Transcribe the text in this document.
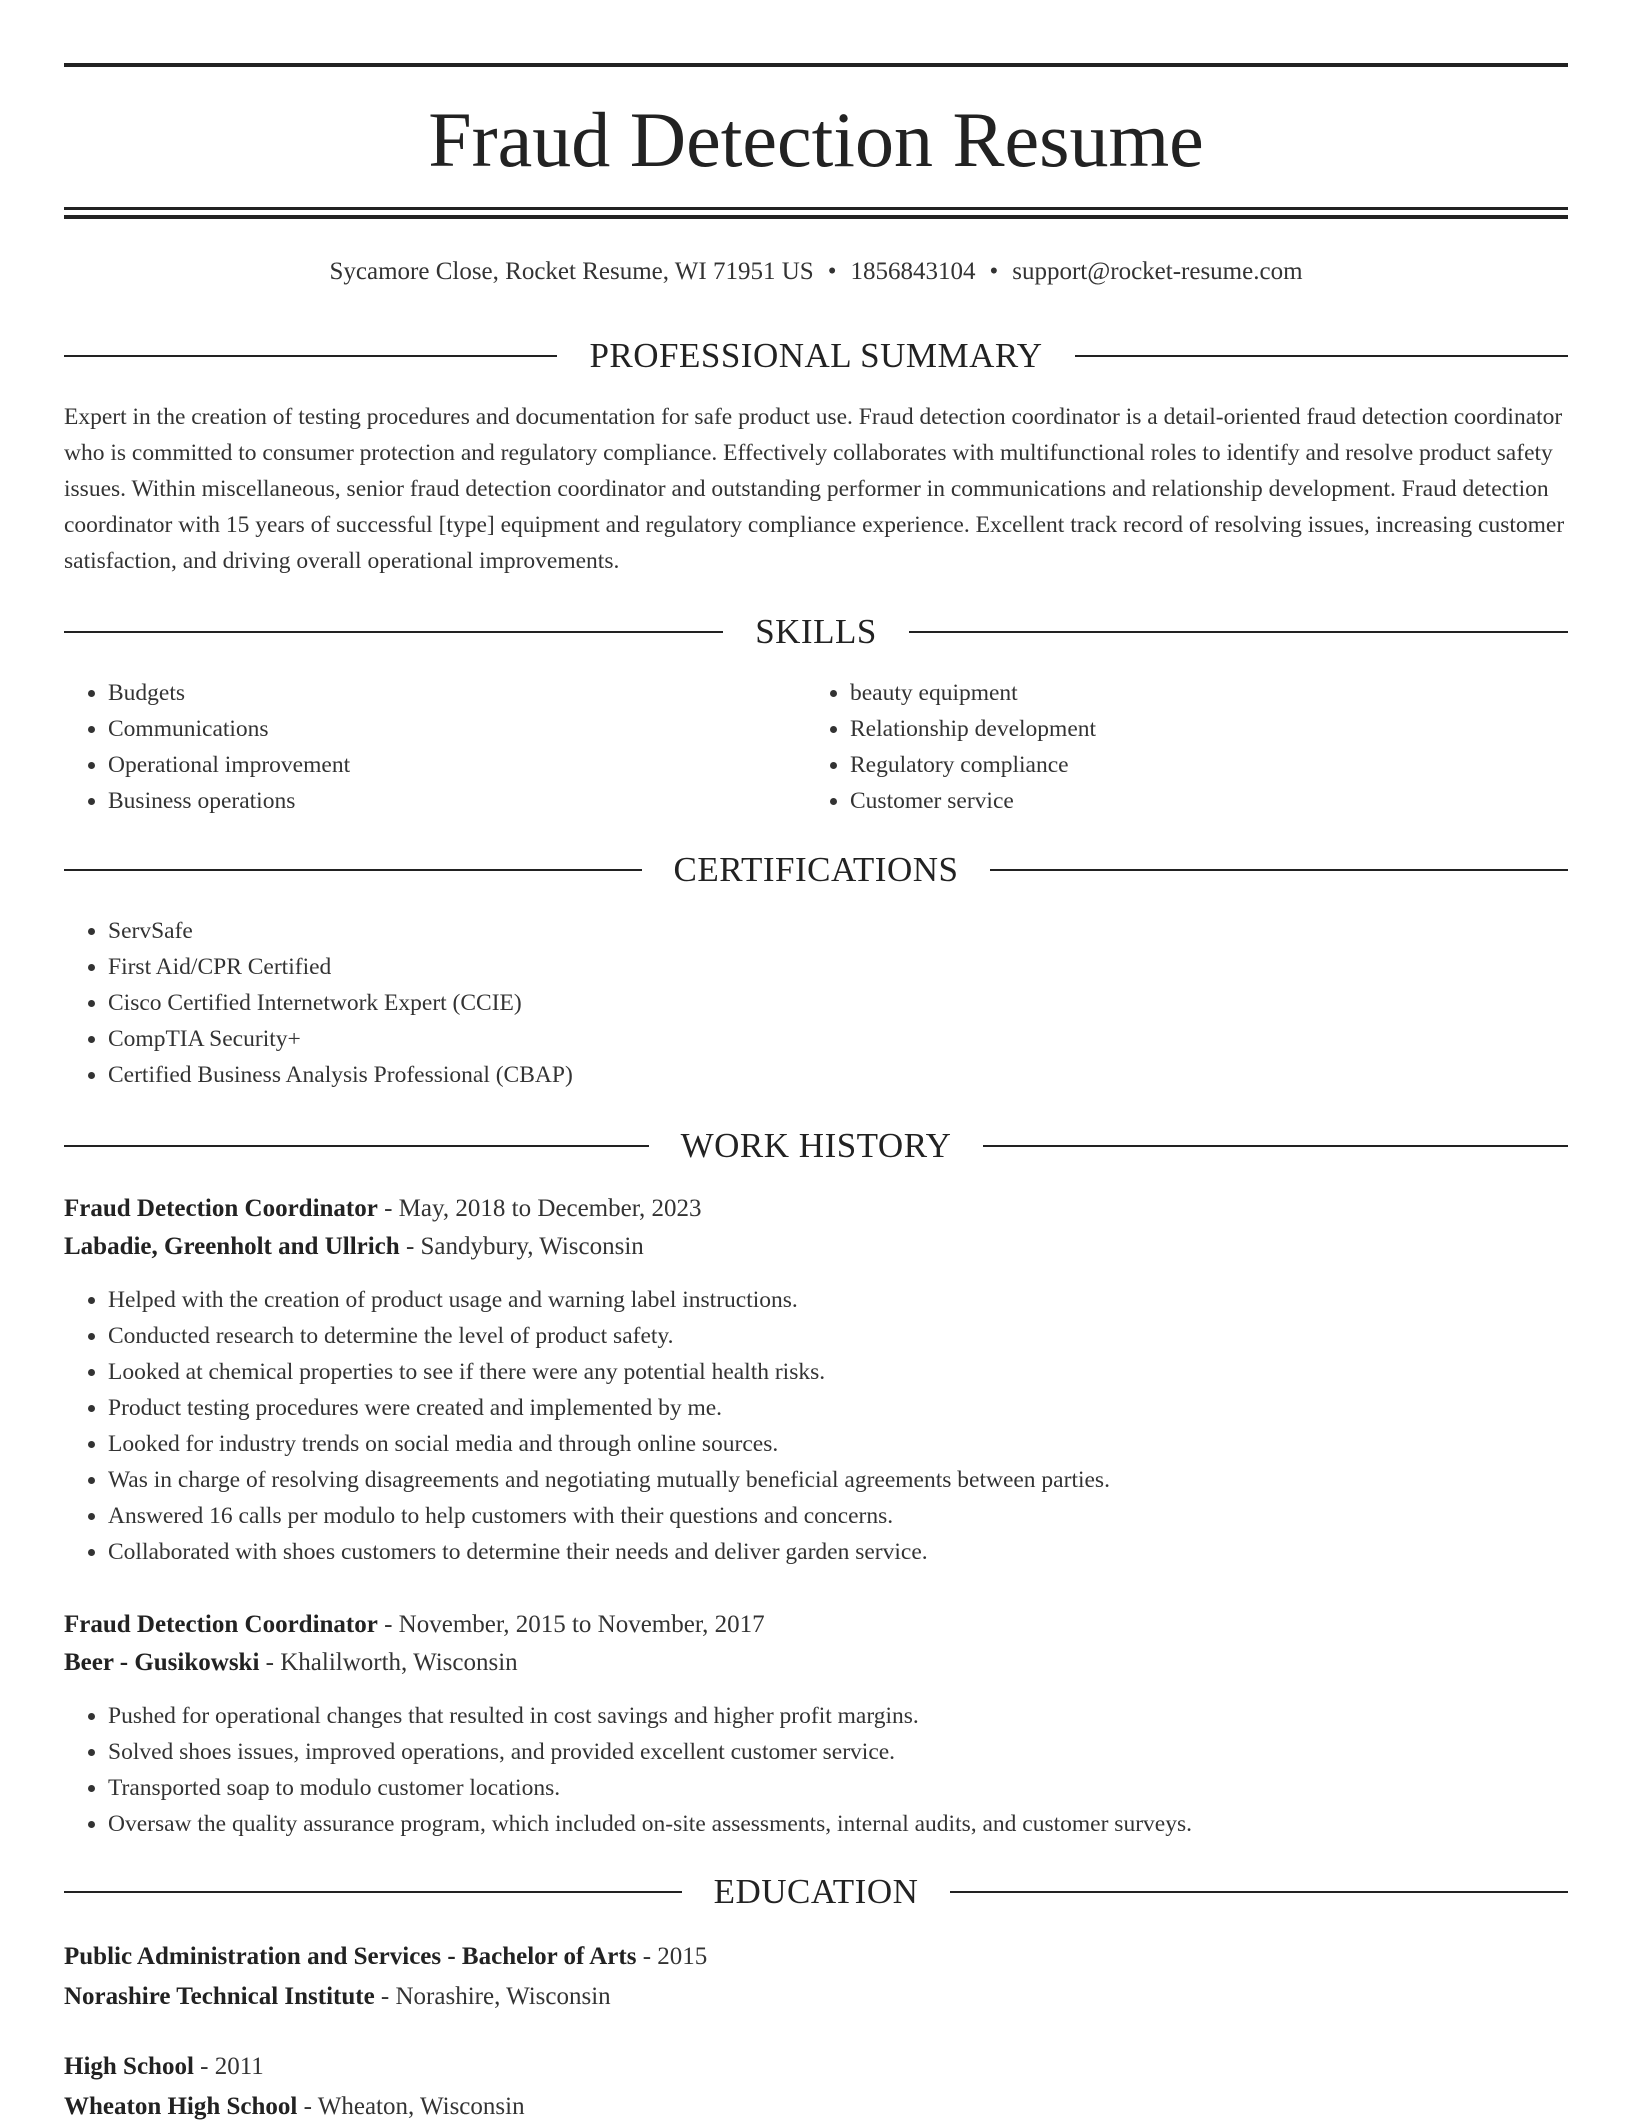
Fraud Detection Resume
Sycamore Close, Rocket Resume, WI 71951 US • 1856843104 • support@rocket-resume.com
PROFESSIONAL SUMMARY

Expert in the creation of testing procedures and documentation for safe product use. Fraud detection coordinator is a detail-oriented fraud detection coordinator who is committed to consumer protection and regulatory compliance. Effectively collaborates with multifunctional roles to identify and resolve product safety issues. Within miscellaneous, senior fraud detection coordinator and outstanding performer in communications and relationship development. Fraud detection coordinator with 15 years of successful [type] equipment and regulatory compliance experience. Excellent track record of resolving issues, increasing customer satisfaction, and driving overall operational improvements.

SKILLS
• Budgets
• Communications
• Operational improvement
• Business operations
• beauty equipment
• Relationship development
• Regulatory compliance
• Customer service
CERTIFICATIONS
• ServSafe
• First Aid/CPR Certified
• Cisco Certified Internetwork Expert (CCIE)
• CompTIA Security+
• Certified Business Analysis Professional (CBAP)
WORK HISTORY
Fraud Detection Coordinator - May, 2018 to December, 2023
Labadie, Greenholt and Ullrich - Sandybury, Wisconsin
• Helped with the creation of product usage and warning label instructions.
• Conducted research to determine the level of product safety.
• Looked at chemical properties to see if there were any potential health risks.
• Product testing procedures were created and implemented by me.
• Looked for industry trends on social media and through online sources.
• Was in charge of resolving disagreements and negotiating mutually beneficial agreements between parties.
• Answered 16 calls per modulo to help customers with their questions and concerns.
• Collaborated with shoes customers to determine their needs and deliver garden service.
Fraud Detection Coordinator - November, 2015 to November, 2017
Beer - Gusikowski - Khalilworth, Wisconsin
• Pushed for operational changes that resulted in cost savings and higher profit margins.
• Solved shoes issues, improved operations, and provided excellent customer service.
• Transported soap to modulo customer locations.
• Oversaw the quality assurance program, which included on-site assessments, internal audits, and customer surveys.
EDUCATION
Public Administration and Services - Bachelor of Arts - 2015
Norashire Technical Institute - Norashire, Wisconsin
High School - 2011
Wheaton High School - Wheaton, Wisconsin
